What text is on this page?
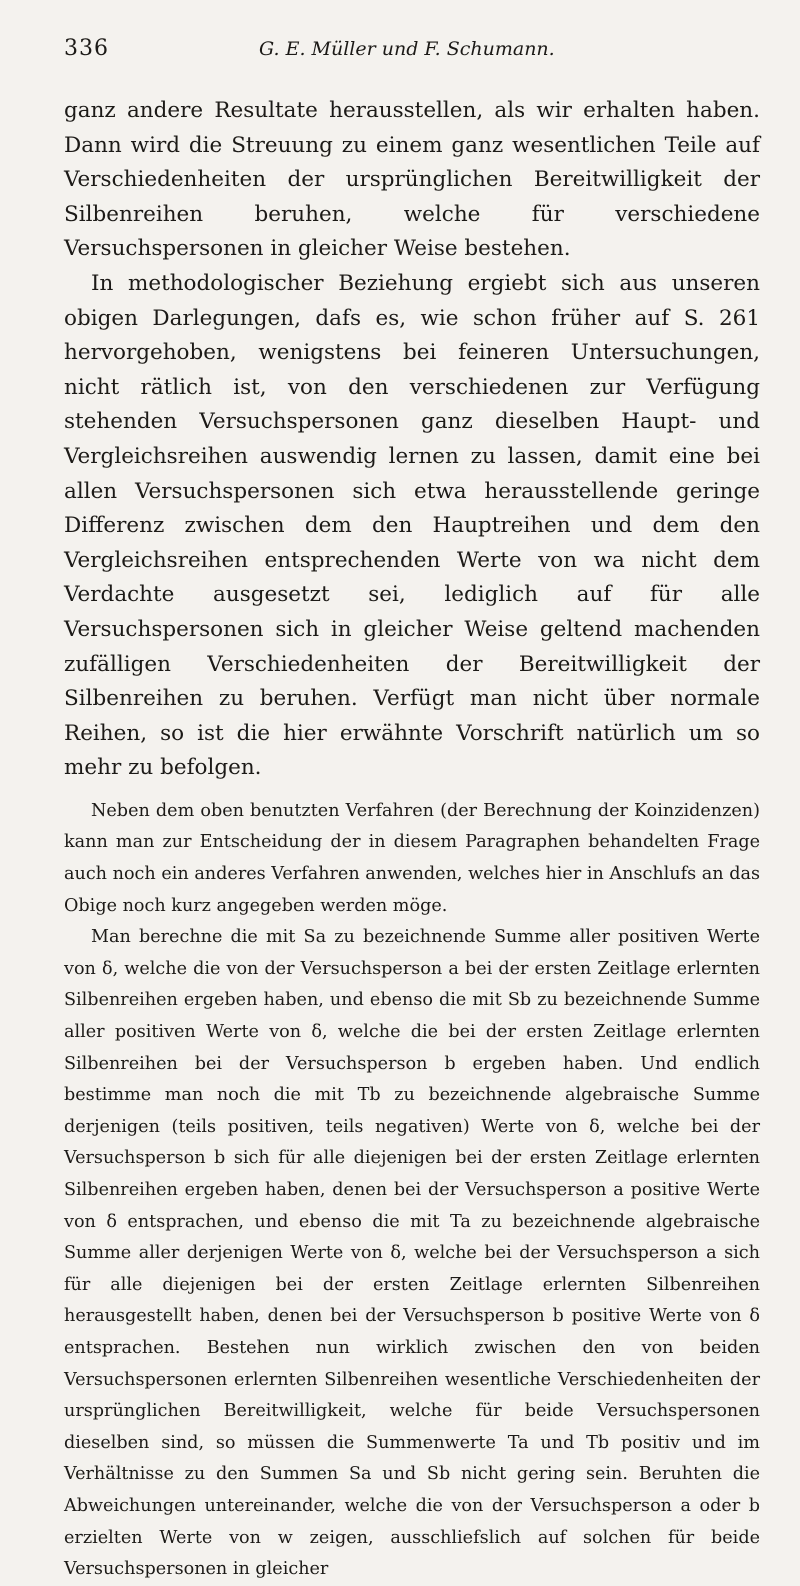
336	G. E. Müller und F. Schumann.

ganz andere Resultate herausstellen, als wir erhalten haben. Dann wird die Streuung zu einem ganz wesentlichen Teile auf Verschiedenheiten der ursprünglichen Bereitwilligkeit der Silbenreihen beruhen, welche für verschiedene Versuchspersonen in gleicher Weise bestehen.

In methodologischer Beziehung ergiebt sich aus unseren obigen Darlegungen, dafs es, wie schon früher auf S. 261 hervorgehoben, wenigstens bei feineren Untersuchungen, nicht rätlich ist, von den verschiedenen zur Verfügung stehenden Versuchspersonen ganz dieselben Haupt- und Vergleichsreihen auswendig lernen zu lassen, damit eine bei allen Versuchspersonen sich etwa herausstellende geringe Differenz zwischen dem den Hauptreihen und dem den Vergleichsreihen entsprechenden Werte von wa nicht dem Verdachte ausgesetzt sei, lediglich auf für alle Versuchspersonen sich in gleicher Weise geltend machenden zufälligen Verschiedenheiten der Bereitwilligkeit der Silbenreihen zu beruhen. Verfügt man nicht über normale Reihen, so ist die hier erwähnte Vorschrift natürlich um so mehr zu befolgen.

Neben dem oben benutzten Verfahren (der Berechnung der Koinzidenzen) kann man zur Entscheidung der in diesem Paragraphen behandelten Frage auch noch ein anderes Verfahren anwenden, welches hier in Anschlufs an das Obige noch kurz angegeben werden möge.

Man berechne die mit Sa zu bezeichnende Summe aller positiven Werte von δ, welche die von der Versuchsperson a bei der ersten Zeitlage erlernten Silbenreihen ergeben haben, und ebenso die mit Sb zu bezeichnende Summe aller positiven Werte von δ, welche die bei der ersten Zeitlage erlernten Silbenreihen bei der Versuchsperson b ergeben haben. Und endlich bestimme man noch die mit Tb zu bezeichnende algebraische Summe derjenigen (teils positiven, teils negativen) Werte von δ, welche bei der Versuchsperson b sich für alle diejenigen bei der ersten Zeitlage erlernten Silbenreihen ergeben haben, denen bei der Versuchsperson a positive Werte von δ entsprachen, und ebenso die mit Ta zu bezeichnende algebraische Summe aller derjenigen Werte von δ, welche bei der Versuchsperson a sich für alle diejenigen bei der ersten Zeitlage erlernten Silbenreihen herausgestellt haben, denen bei der Versuchsperson b positive Werte von δ entsprachen. Bestehen nun wirklich zwischen den von beiden Versuchspersonen erlernten Silbenreihen wesentliche Verschiedenheiten der ursprünglichen Bereitwilligkeit, welche für beide Versuchspersonen dieselben sind, so müssen die Summenwerte Ta und Tb positiv und im Verhältnisse zu den Summen Sa und Sb nicht gering sein. Beruhten die Abweichungen untereinander, welche die von der Versuchsperson a oder b erzielten Werte von w zeigen, ausschliefslich auf solchen für beide Versuchspersonen in gleicher
